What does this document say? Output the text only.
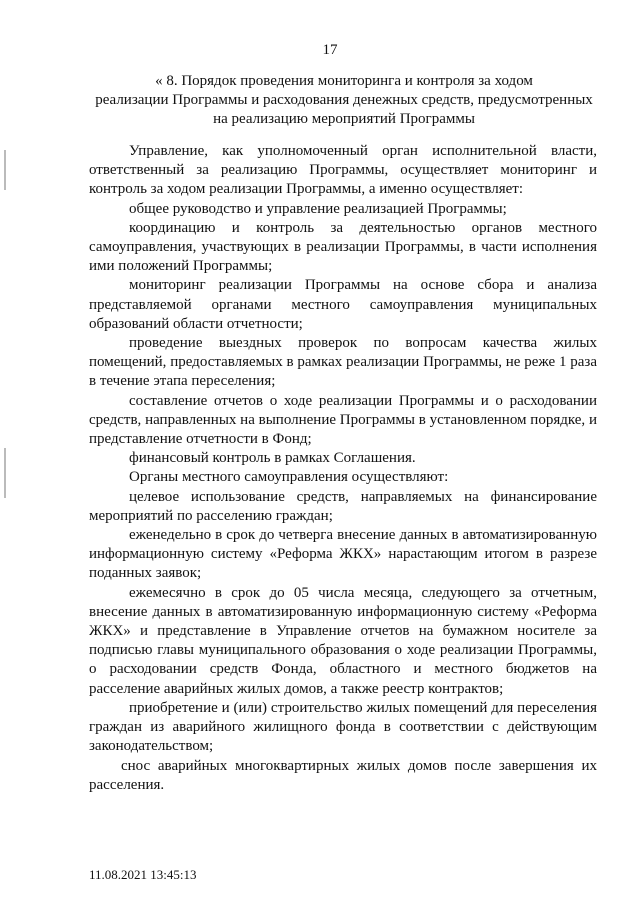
17
« 8. Порядок проведения мониторинга и контроля за ходом
реализации Программы и расходования денежных средств, предусмотренных
на реализацию мероприятий Программы

Управление, как уполномоченный орган исполнительной власти, ответственный за реализацию Программы, осуществляет мониторинг и контроль за ходом реализации Программы, а именно осуществляет:

общее руководство и управление реализацией Программы;

координацию и контроль за деятельностью органов местного самоуправления, участвующих в реализации Программы, в части исполнения ими положений Программы;

мониторинг реализации Программы на основе сбора и анализа представляемой органами местного самоуправления муниципальных образований области отчетности;

проведение выездных проверок по вопросам качества жилых помещений, предоставляемых в рамках реализации Программы, не реже 1 раза в течение этапа переселения;

составление отчетов о ходе реализации Программы и о расходовании средств, направленных на выполнение Программы в установленном порядке, и представление отчетности в Фонд;

финансовый контроль в рамках Соглашения.

Органы местного самоуправления осуществляют:

целевое использование средств, направляемых на финансирование мероприятий по расселению граждан;

еженедельно в срок до четверга внесение данных в автоматизированную информационную систему «Реформа ЖКХ» нарастающим итогом в разрезе поданных заявок;

ежемесячно в срок до 05 числа месяца, следующего за отчетным, внесение данных в автоматизированную информационную систему «Реформа ЖКХ» и представление в Управление отчетов на бумажном носителе за подписью главы муниципального образования о ходе реализации Программы, о расходовании средств Фонда, областного и местного бюджетов на расселение аварийных жилых домов, а также реестр контрактов;

приобретение и (или) строительство жилых помещений для переселения граждан из аварийного жилищного фонда в соответствии с действующим законодательством;

снос аварийных многоквартирных жилых домов после завершения их расселения.

11.08.2021 13:45:13
